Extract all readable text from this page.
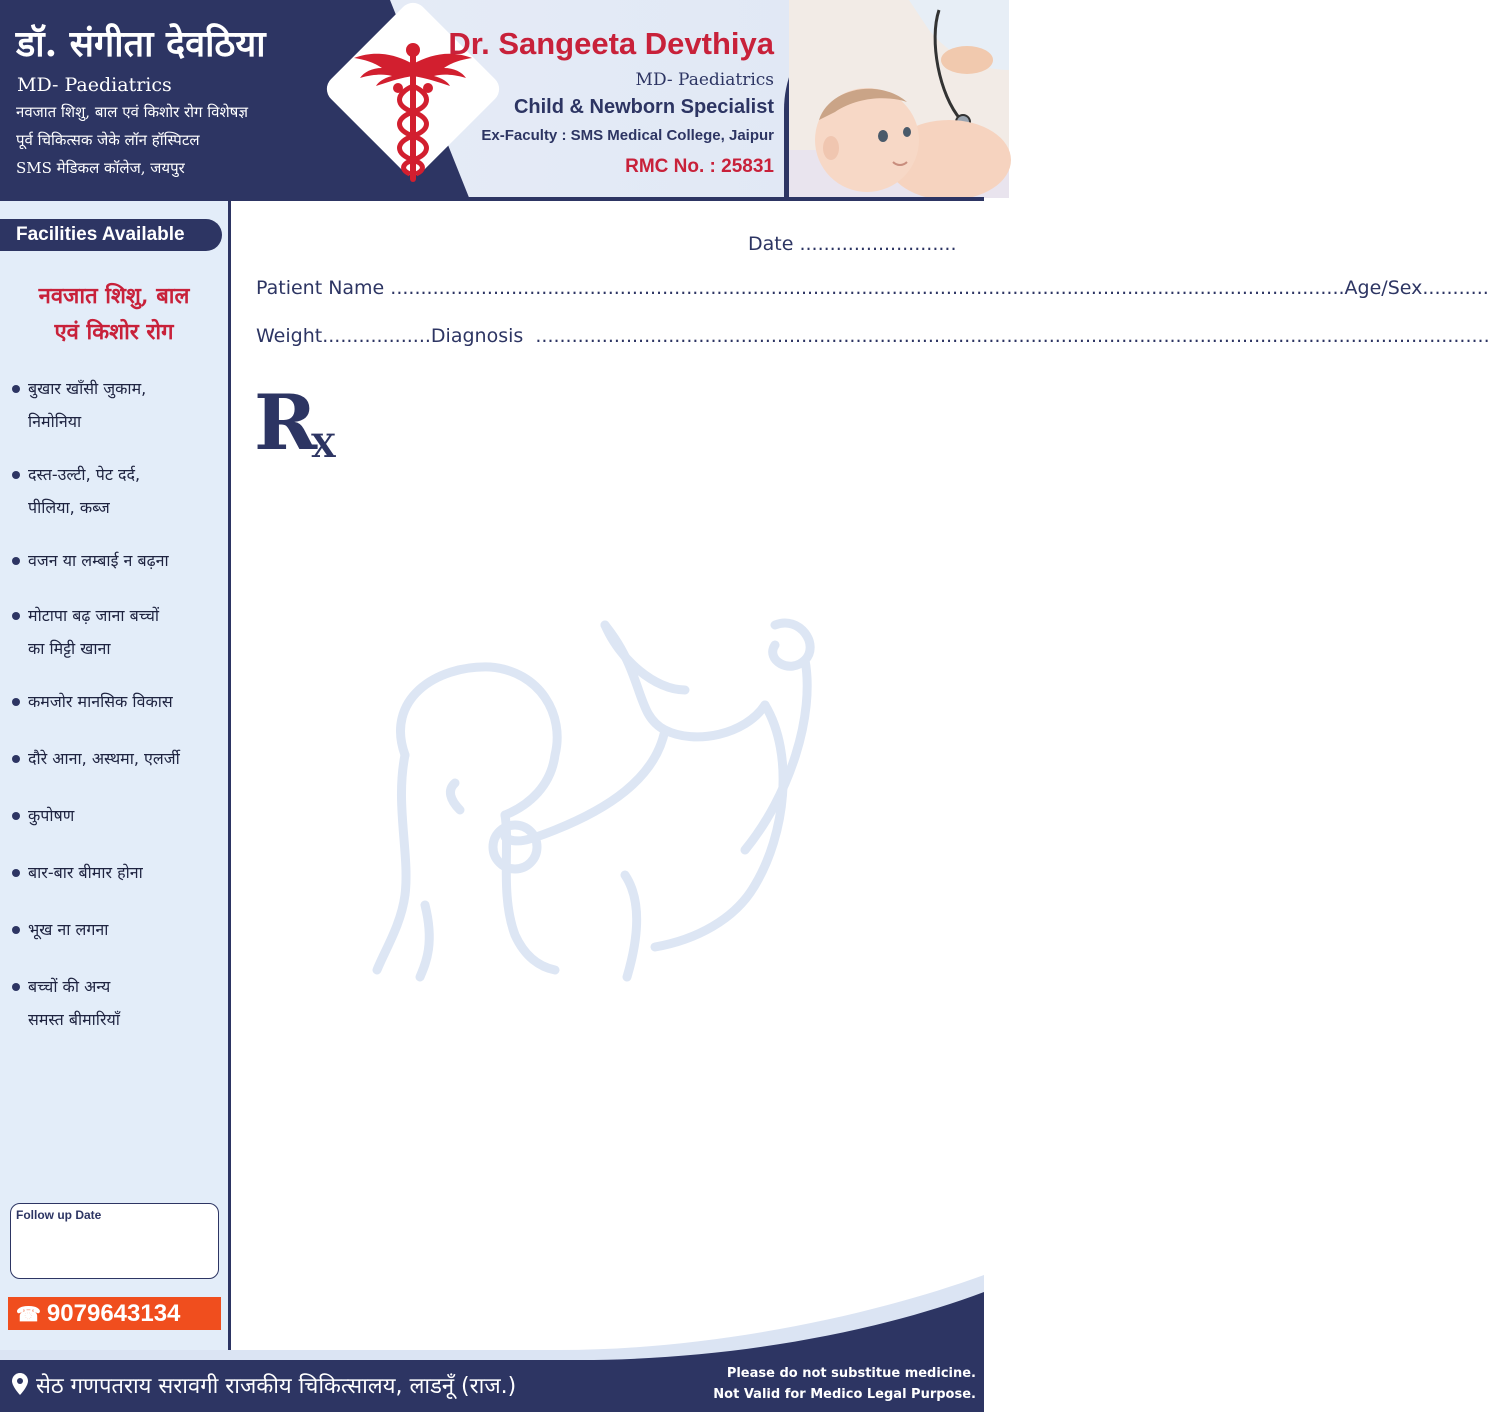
डॉ. संगीता देवठिया
MD- Paediatrics
नवजात शिशु, बाल एवं किशोर रोग विशेषज्ञ
पूर्व चिकित्सक जेके लॉन हॉस्पिटल
SMS मेडिकल कॉलेज, जयपुर
Dr. Sangeeta Devthiya
MD- Paediatrics
Child & Newborn Specialist
Ex-Faculty : SMS Medical College, Jaipur
RMC No. : 25831
Facilities Available
नवजात शिशु, बाल
एवं किशोर रोग
बुखार खाँसी जुकाम,
निमोनिया
दस्त-उल्टी, पेट दर्द,
पीलिया, कब्ज
वजन या लम्बाई न बढ़ना
मोटापा बढ़ जाना बच्चों
का मिट्टी खाना
कमजोर मानसिक विकास
दौरे आना, अस्थमा, एलर्जी
कुपोषण
बार-बार बीमार होना
भूख ना लगना
बच्चों की अन्य
समस्त बीमारियाँ
Follow up Date
☎ 9079643134
Date ..........................
Patient Name .............................................................................................................................................................. Age/Sex ...........
Weight .................. Diagnosis ..............................................................................................................................................................
RX
सेठ गणपतराय सरावगी राजकीय चिकित्सालय, लाडनूँ (राज.)
Please do not substitue medicine.
Not Valid for Medico Legal Purpose.
